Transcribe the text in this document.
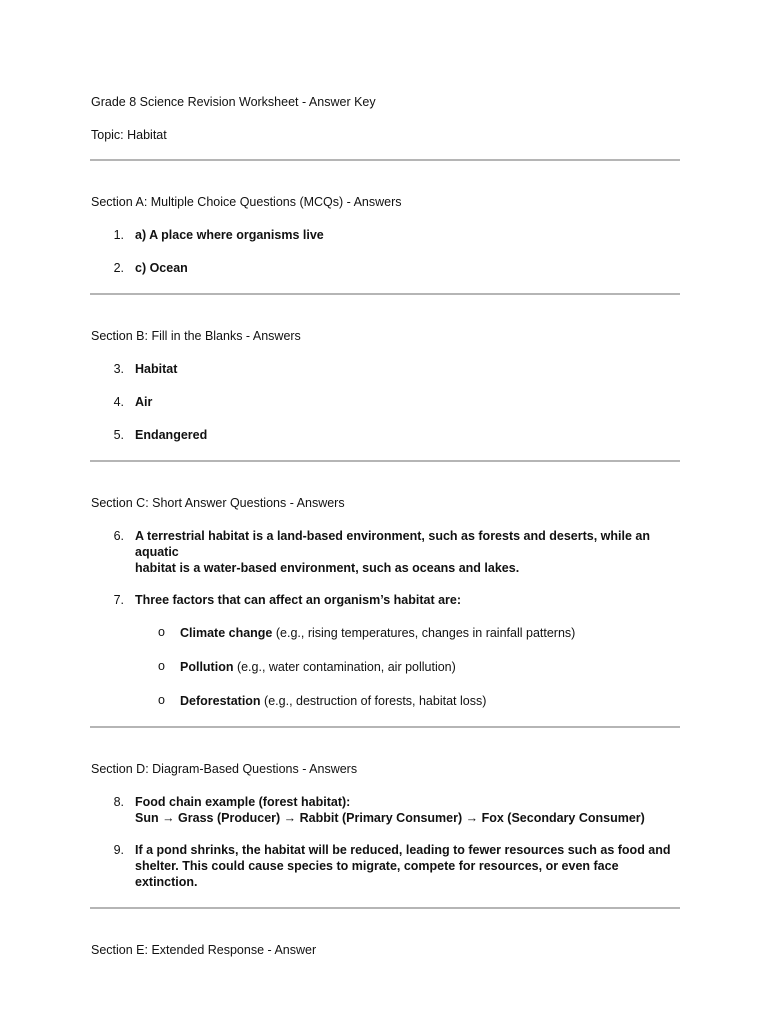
Grade 8 Science Revision Worksheet - Answer Key

Topic: Habitat

Section A: Multiple Choice Questions (MCQs) - Answers

1. a) A place where organisms live
2. c) Ocean

Section B: Fill in the Blanks - Answers

3. Habitat
4. Air
5. Endangered

Section C: Short Answer Questions - Answers

6. A terrestrial habitat is a land-based environment, such as forests and deserts, while an aquatic
habitat is a water-based environment, such as oceans and lakes.
7. Three factors that can affect an organism’s habitat are:
o Climate change (e.g., rising temperatures, changes in rainfall patterns)
o Pollution (e.g., water contamination, air pollution)
o Deforestation (e.g., destruction of forests, habitat loss)

Section D: Diagram-Based Questions - Answers

8. Food chain example (forest habitat):
Sun → Grass (Producer) → Rabbit (Primary Consumer) → Fox (Secondary Consumer)
9. If a pond shrinks, the habitat will be reduced, leading to fewer resources such as food and
shelter. This could cause species to migrate, compete for resources, or even face extinction.

Section E: Extended Response - Answer
